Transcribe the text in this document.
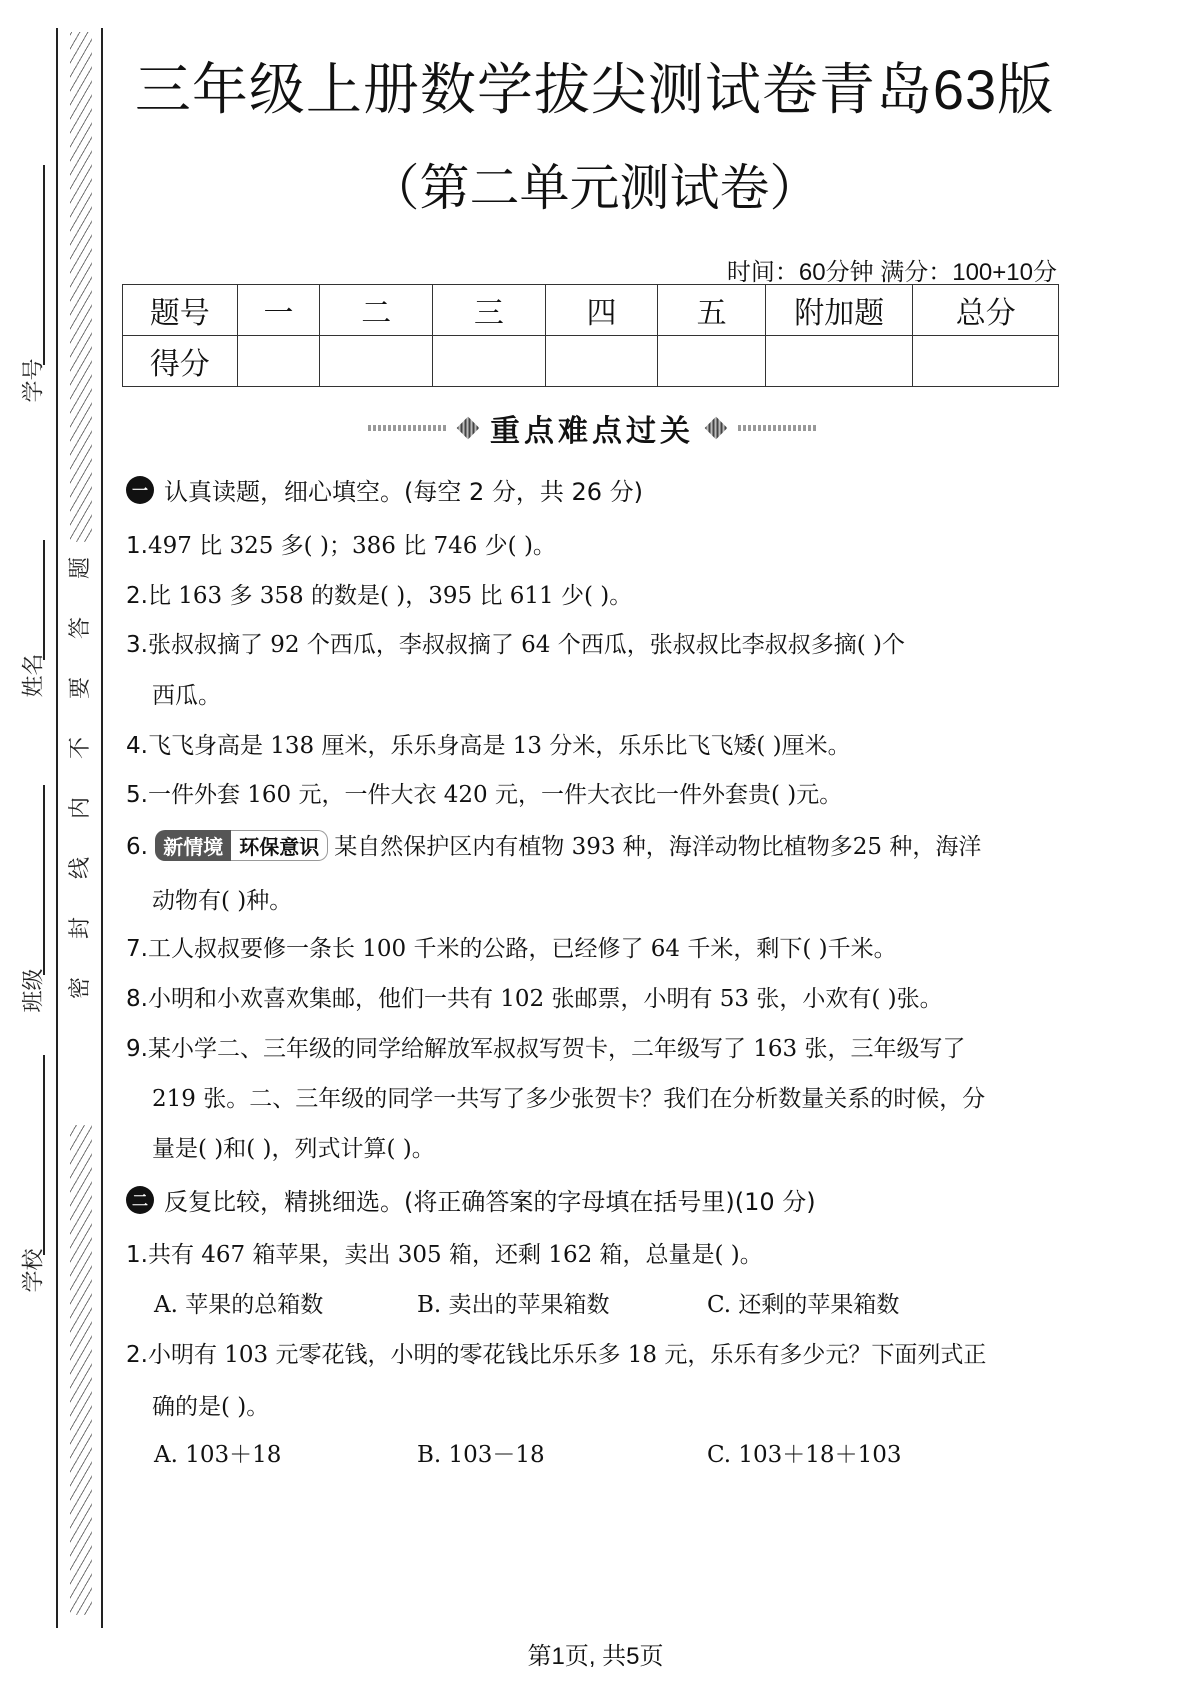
题
答
要
不
内
线
封
密
学号
姓名
班级
学校
三年级上册数学拔尖测试卷青岛63版
（第二单元测试卷）
时间：60分钟 满分：100+10分
题号	一	二	三	四	五	附加题	总分
得分							
重点难点过关
一 认真读题，细心填空。(每空 2 分，共 26 分)
1.497 比 325 多( )；386 比 746 少( )。
2.比 163 多 358 的数是( )，395 比 611 少( )。
3.张叔叔摘了 92 个西瓜，李叔叔摘了 64 个西瓜，张叔叔比李叔叔多摘( )个
西瓜。
4.飞飞身高是 138 厘米，乐乐身高是 13 分米，乐乐比飞飞矮( )厘米。
5.一件外套 160 元，一件大衣 420 元，一件大衣比一件外套贵( )元。
6. 新情境 环保意识 某自然保护区内有植物 393 种，海洋动物比植物多25 种，海洋
动物有( )种。
7.工人叔叔要修一条长 100 千米的公路，已经修了 64 千米，剩下( )千米。
8.小明和小欢喜欢集邮，他们一共有 102 张邮票，小明有 53 张，小欢有( )张。
9.某小学二、三年级的同学给解放军叔叔写贺卡，二年级写了 163 张，三年级写了
219 张。二、三年级的同学一共写了多少张贺卡？我们在分析数量关系的时候，分
量是( )和( )，列式计算( )。
二 反复比较，精挑细选。(将正确答案的字母填在括号里)(10 分)
1.共有 467 箱苹果，卖出 305 箱，还剩 162 箱，总量是( )。
A. 苹果的总箱数	B. 卖出的苹果箱数	C. 还剩的苹果箱数
2.小明有 103 元零花钱，小明的零花钱比乐乐多 18 元，乐乐有多少元？下面列式正
确的是( )。
A. 103＋18	B. 103－18	C. 103＋18＋103
第1页, 共5页
